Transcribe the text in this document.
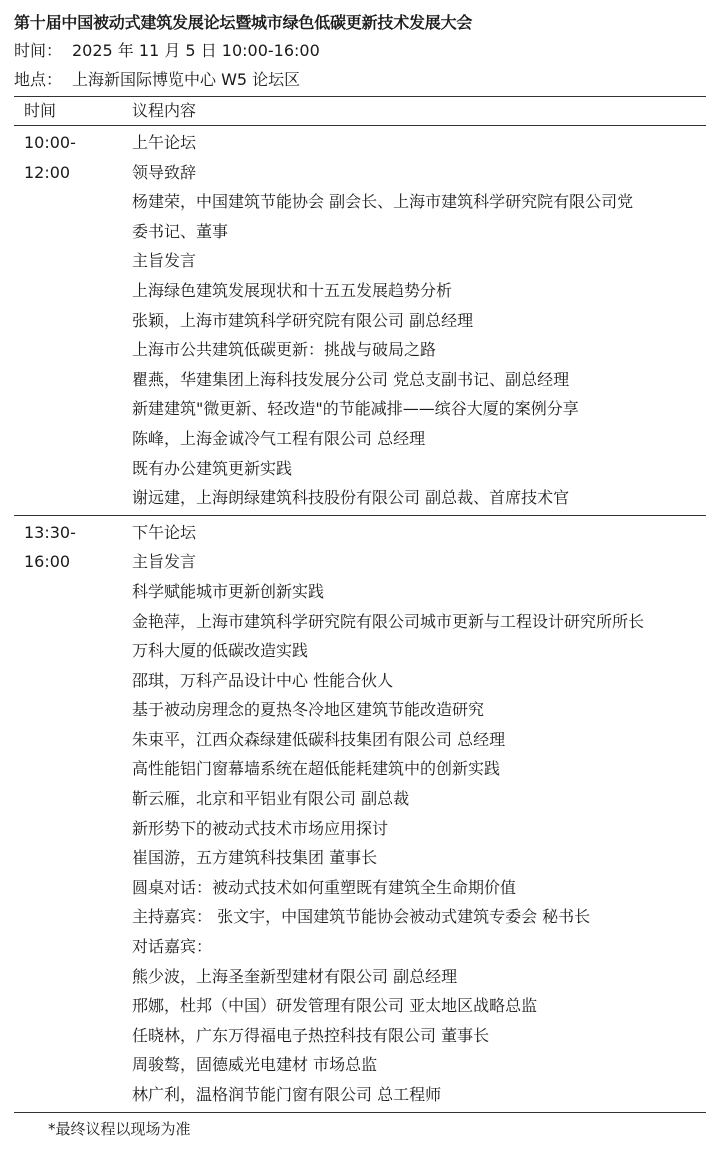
第十届中国被动式建筑发展论坛暨城市绿色低碳更新技术发展大会
时间： 2025 年 11 月 5 日 10:00-16:00
地点： 上海新国际博览中心 W5 论坛区
时间	议程内容
10:00-
12:00
上午论坛
领导致辞
杨建荣，中国建筑节能协会 副会长、上海市建筑科学研究院有限公司党
委书记、董事
主旨发言
上海绿色建筑发展现状和十五五发展趋势分析
张颖，上海市建筑科学研究院有限公司 副总经理
上海市公共建筑低碳更新：挑战与破局之路
瞿燕，华建集团上海科技发展分公司 党总支副书记、副总经理
新建建筑"微更新、轻改造"的节能减排——缤谷大厦的案例分享
陈峰，上海金诚冷气工程有限公司 总经理
既有办公建筑更新实践
谢远建，上海朗绿建筑科技股份有限公司 副总裁、首席技术官
13:30-
16:00
下午论坛
主旨发言
科学赋能城市更新创新实践
金艳萍，上海市建筑科学研究院有限公司城市更新与工程设计研究所所长
万科大厦的低碳改造实践
邵琪，万科产品设计中心 性能合伙人
基于被动房理念的夏热冬冷地区建筑节能改造研究
朱束平，江西众森绿建低碳科技集团有限公司 总经理
高性能铝门窗幕墙系统在超低能耗建筑中的创新实践
靳云雁，北京和平铝业有限公司 副总裁
新形势下的被动式技术市场应用探讨
崔国游，五方建筑科技集团 董事长
圆桌对话：被动式技术如何重塑既有建筑全生命期价值
主持嘉宾： 张文宇，中国建筑节能协会被动式建筑专委会 秘书长
对话嘉宾：
熊少波，上海圣奎新型建材有限公司 副总经理
邢娜，杜邦（中国）研发管理有限公司 亚太地区战略总监
任晓林，广东万得福电子热控科技有限公司 董事长
周骏骜，固德威光电建材 市场总监
林广利，温格润节能门窗有限公司 总工程师
*最终议程以现场为准
